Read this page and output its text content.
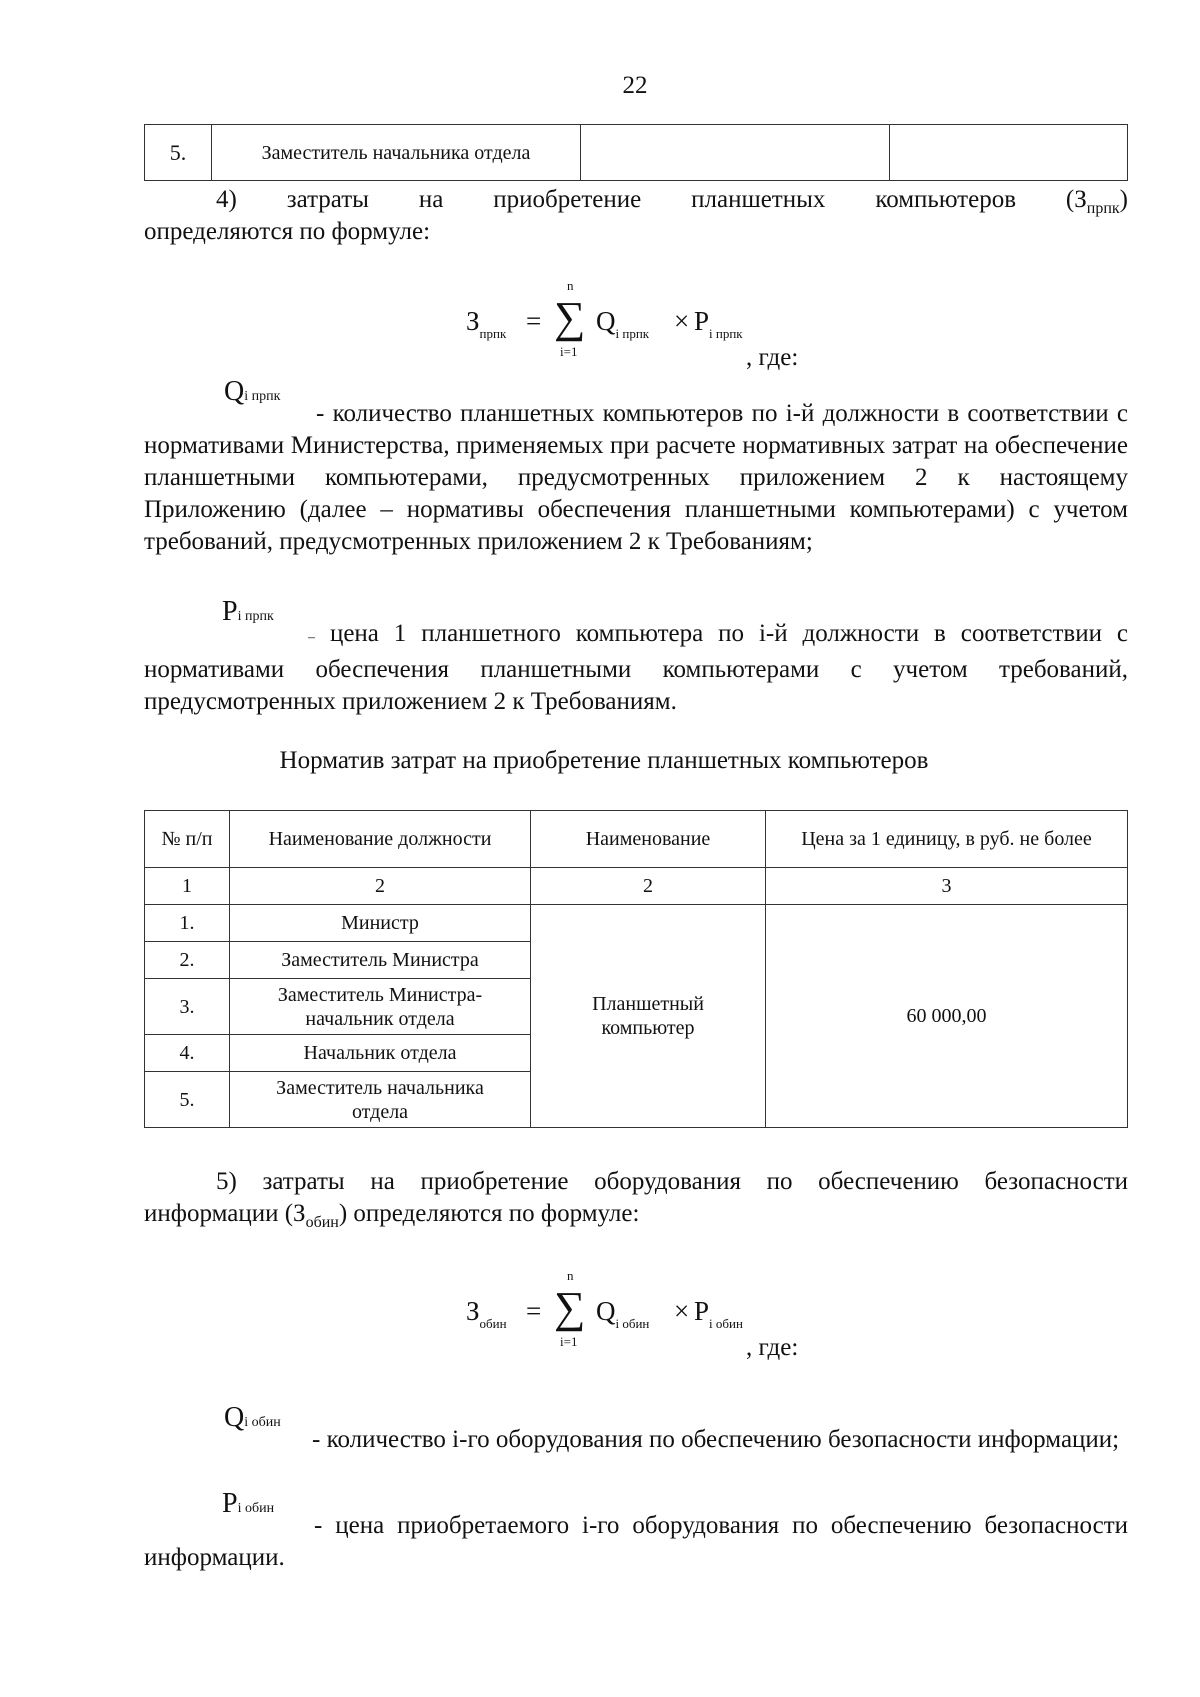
22
5.	Заместитель начальника отдела		
4) затраты на приобретение планшетных компьютеров $(З_{прпк})$
определяются по формуле:
$З_{прпк}$ =
n
∑
i=1
$Q_{i прпк} \times P_{i прпк}$
, где:
Qi прпк
- количество планшетных компьютеров по i-й должности в соответствии с нормативами Министерства, применяемых при расчете нормативных затрат на обеспечение планшетными компьютерами, предусмотренных приложением 2 к настоящему Приложению (далее – нормативы обеспечения планшетными компьютерами) с учетом требований, предусмотренных приложением 2 к Требованиям;
Pi прпк
– цена 1 планшетного компьютера по i-й должности в соответствии с нормативами обеспечения планшетными компьютерами с учетом требований, предусмотренных приложением 2 к Требованиям.
Норматив затрат на приобретение планшетных компьютеров
№ п/п	Наименование должности	Наименование	Цена за 1 единицу, в руб. не более
1	2	2	3
1.	Министр	Планшетный компьютер	60 000,00
2.	Заместитель Министра		
3.	Заместитель Министра-начальник отдела		
4.	Начальник отдела		
5.	Заместитель начальника отдела		
5) затраты на приобретение оборудования по обеспечению безопасности
информации $(З_{обин})$ определяются по формуле:
$З_{обин}$ =
n
∑
i=1
$Q_{i обин} \times P_{i обин}$
, где:
Qi обин
- количество i-го оборудования по обеспечению безопасности информации;
Pi обин
- цена приобретаемого i-го оборудования по обеспечению безопасности информации.
